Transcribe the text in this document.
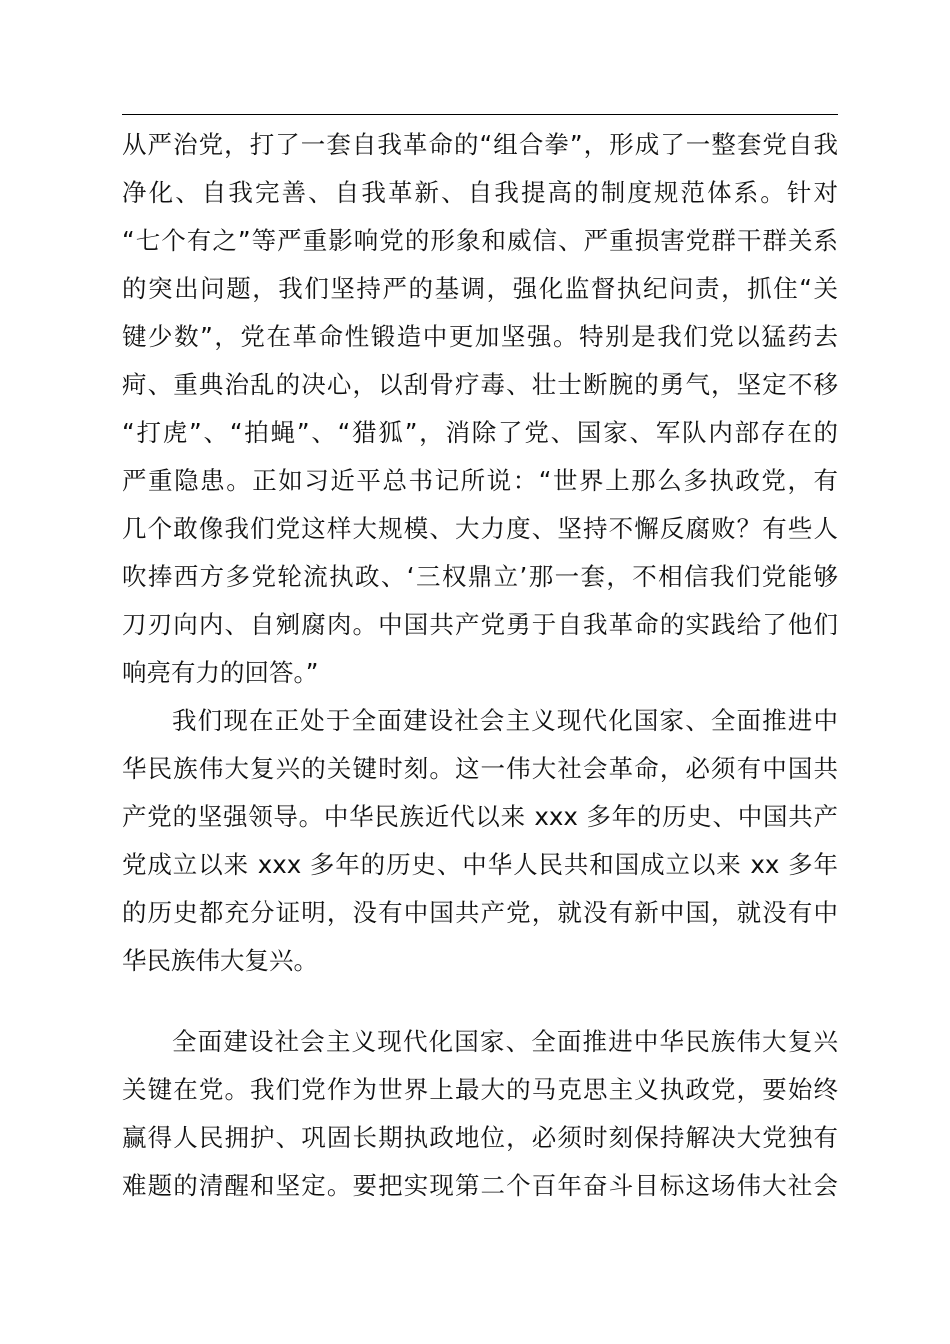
从严治党，打了一套自我革命的“组合拳”，形成了一整套党自我
净化、自我完善、自我革新、自我提高的制度规范体系。针对
“七个有之”等严重影响党的形象和威信、严重损害党群干群关系
的突出问题，我们坚持严的基调，强化监督执纪问责，抓住“关
键少数”，党在革命性锻造中更加坚强。特别是我们党以猛药去
疴、重典治乱的决心，以刮骨疗毒、壮士断腕的勇气，坚定不移
“打虎”、“拍蝇”、“猎狐”，消除了党、国家、军队内部存在的
严重隐患。正如习近平总书记所说：“世界上那么多执政党，有
几个敢像我们党这样大规模、大力度、坚持不懈反腐败？有些人
吹捧西方多党轮流执政、‘三权鼎立’那一套，不相信我们党能够
刀刃向内、自剜腐肉。中国共产党勇于自我革命的实践给了他们
响亮有力的回答。”
我们现在正处于全面建设社会主义现代化国家、全面推进中
华民族伟大复兴的关键时刻。这一伟大社会革命，必须有中国共
产党的坚强领导。中华民族近代以来 xxx 多年的历史、中国共产
党成立以来 xxx 多年的历史、中华人民共和国成立以来 xx 多年
的历史都充分证明，没有中国共产党，就没有新中国，就没有中
华民族伟大复兴。
全面建设社会主义现代化国家、全面推进中华民族伟大复兴
关键在党。我们党作为世界上最大的马克思主义执政党，要始终
赢得人民拥护、巩固长期执政地位，必须时刻保持解决大党独有
难题的清醒和坚定。要把实现第二个百年奋斗目标这场伟大社会
